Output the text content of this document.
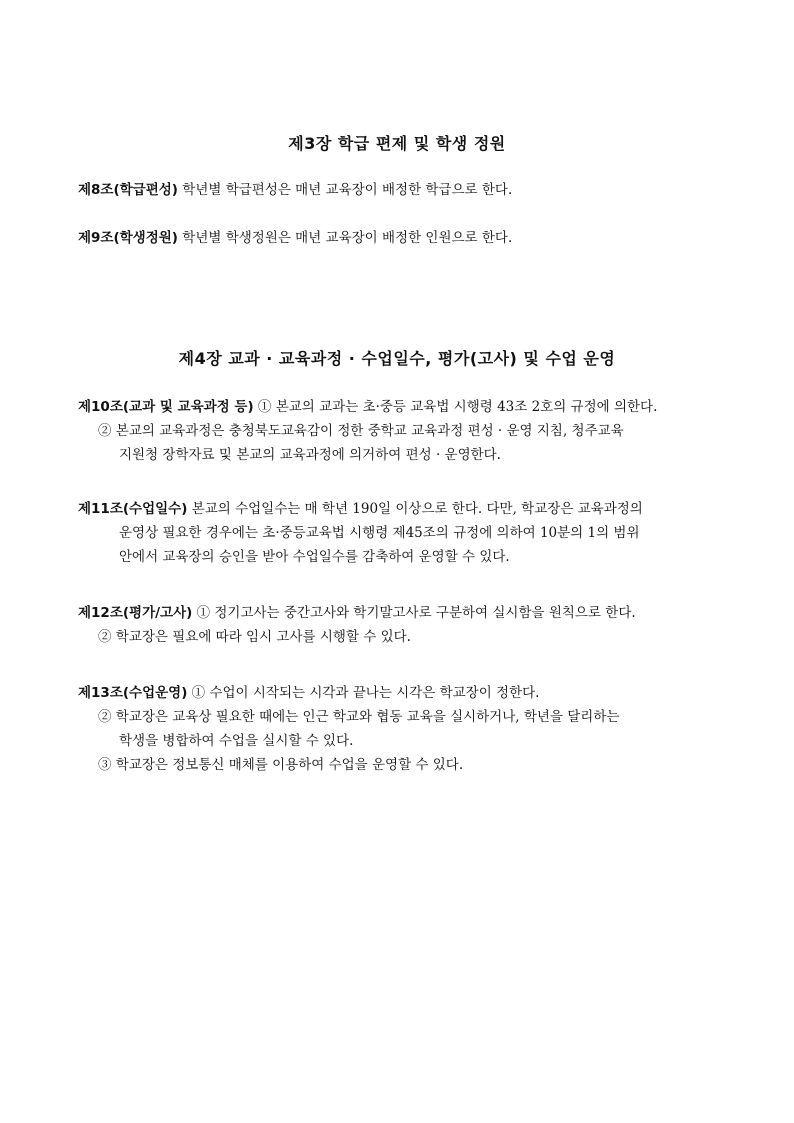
제3장 학급 편제 및 학생 정원
제8조(학급편성) 학년별 학급편성은 매년 교육장이 배정한 학급으로 한다.
제9조(학생정원) 학년별 학생정원은 매년 교육장이 배정한 인원으로 한다.
제4장 교과 · 교육과정 · 수업일수, 평가(고사) 및 수업 운영
제10조(교과 및 교육과정 등) ① 본교의 교과는 초·중등 교육법 시행령 43조 2호의 규정에 의한다.
② 본교의 교육과정은 충청북도교육감이 정한 중학교 교육과정 편성 · 운영 지침, 청주교육
지원청 장학자료 및 본교의 교육과정에 의거하여 편성 · 운영한다.
제11조(수업일수) 본교의 수업일수는 매 학년 190일 이상으로 한다. 다만, 학교장은 교육과정의
운영상 필요한 경우에는 초·중등교육법 시행령 제45조의 규정에 의하여 10분의 1의 범위
안에서 교육장의 승인을 받아 수업일수를 감축하여 운영할 수 있다.
제12조(평가/고사) ① 정기고사는 중간고사와 학기말고사로 구분하여 실시함을 원칙으로 한다.
② 학교장은 필요에 따라 임시 고사를 시행할 수 있다.
제13조(수업운영) ① 수업이 시작되는 시각과 끝나는 시각은 학교장이 정한다.
② 학교장은 교육상 필요한 때에는 인근 학교와 협동 교육을 실시하거나, 학년을 달리하는
학생을 병합하여 수업을 실시할 수 있다.
③ 학교장은 정보통신 매체를 이용하여 수업을 운영할 수 있다.
